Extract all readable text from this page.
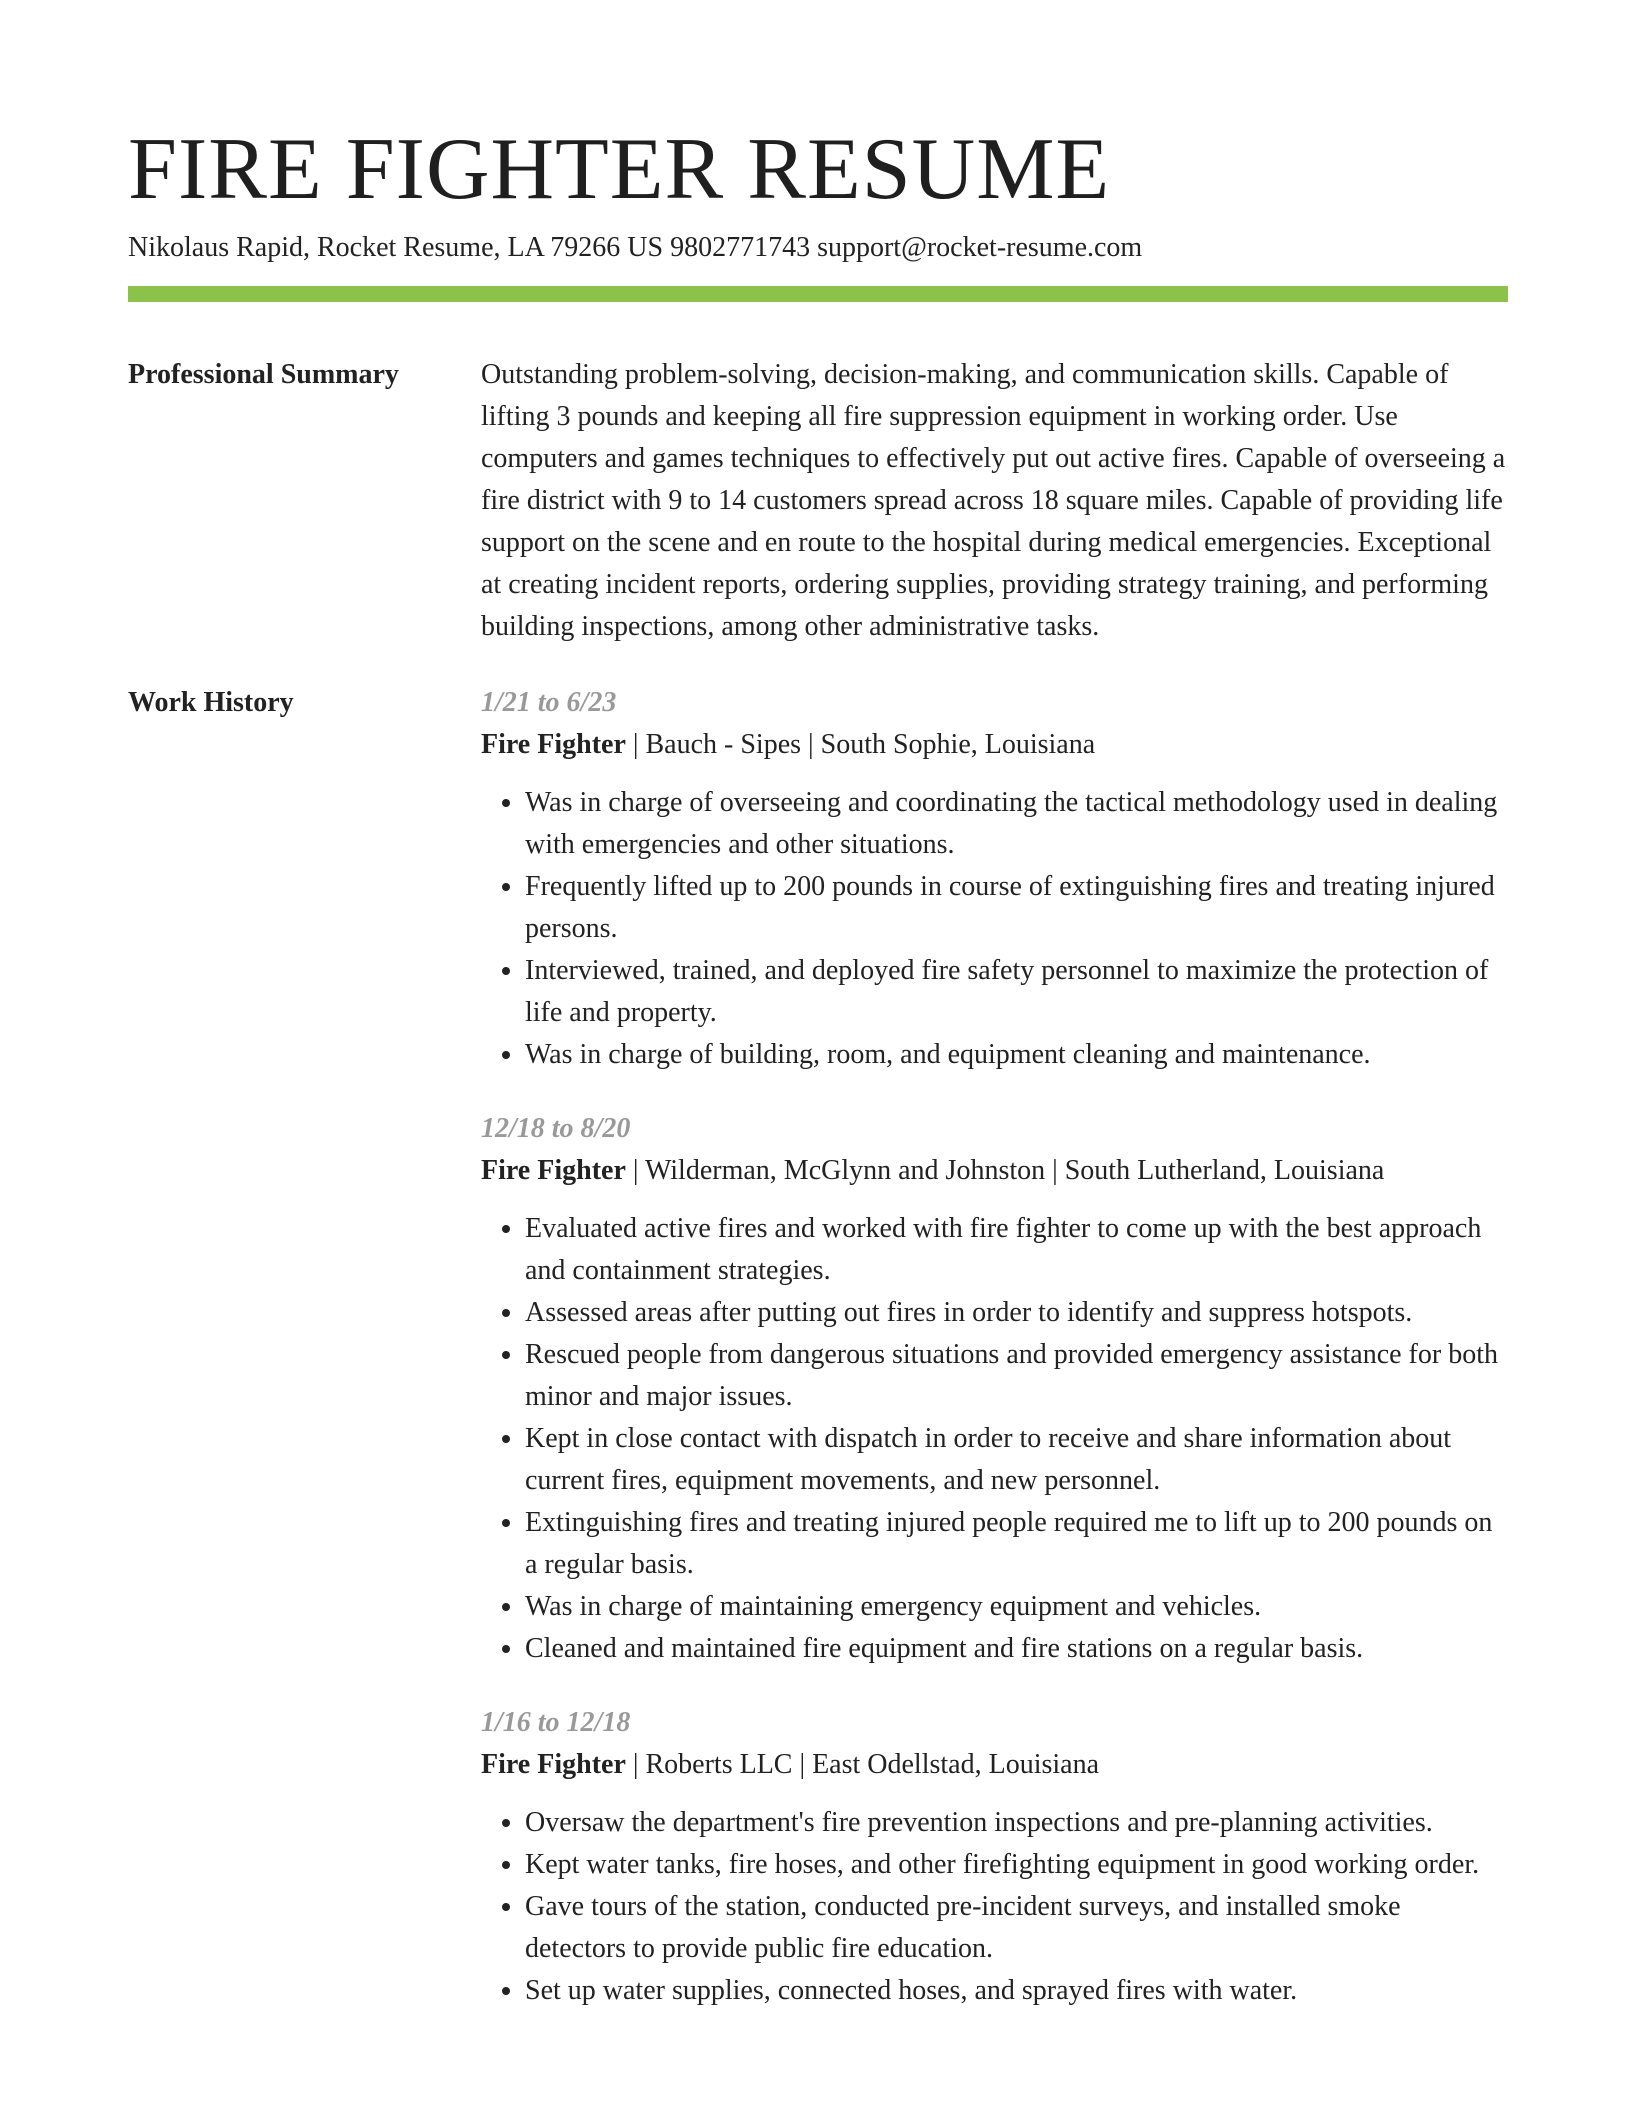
FIRE FIGHTER RESUME
Nikolaus Rapid, Rocket Resume, LA 79266 US 9802771743 support@rocket-resume.com
Professional Summary	Outstanding problem-solving, decision-making, and communication skills. Capable of lifting 3 pounds and keeping all fire suppression equipment in working order. Use computers and games techniques to effectively put out active fires. Capable of overseeing a fire district with 9 to 14 customers spread across 18 square miles. Capable of providing life support on the scene and en route to the hospital during medical emergencies. Exceptional at creating incident reports, ordering supplies, providing strategy training, and performing building inspections, among other administrative tasks.

Work History	1/21 to 6/23
Fire Fighter | Bauch - Sipes | South Sophie, Louisiana
• Was in charge of overseeing and coordinating the tactical methodology used in dealing with emergencies and other situations.
• Frequently lifted up to 200 pounds in course of extinguishing fires and treating injured persons.
• Interviewed, trained, and deployed fire safety personnel to maximize the protection of life and property.
• Was in charge of building, room, and equipment cleaning and maintenance.
12/18 to 8/20
Fire Fighter | Wilderman, McGlynn and Johnston | South Lutherland, Louisiana
• Evaluated active fires and worked with fire fighter to come up with the best approach and containment strategies.
• Assessed areas after putting out fires in order to identify and suppress hotspots.
• Rescued people from dangerous situations and provided emergency assistance for both minor and major issues.
• Kept in close contact with dispatch in order to receive and share information about current fires, equipment movements, and new personnel.
• Extinguishing fires and treating injured people required me to lift up to 200 pounds on a regular basis.
• Was in charge of maintaining emergency equipment and vehicles.
• Cleaned and maintained fire equipment and fire stations on a regular basis.
1/16 to 12/18
Fire Fighter | Roberts LLC | East Odellstad, Louisiana
• Oversaw the department's fire prevention inspections and pre-planning activities.
• Kept water tanks, fire hoses, and other firefighting equipment in good working order.
• Gave tours of the station, conducted pre-incident surveys, and installed smoke detectors to provide public fire education.
• Set up water supplies, connected hoses, and sprayed fires with water.
